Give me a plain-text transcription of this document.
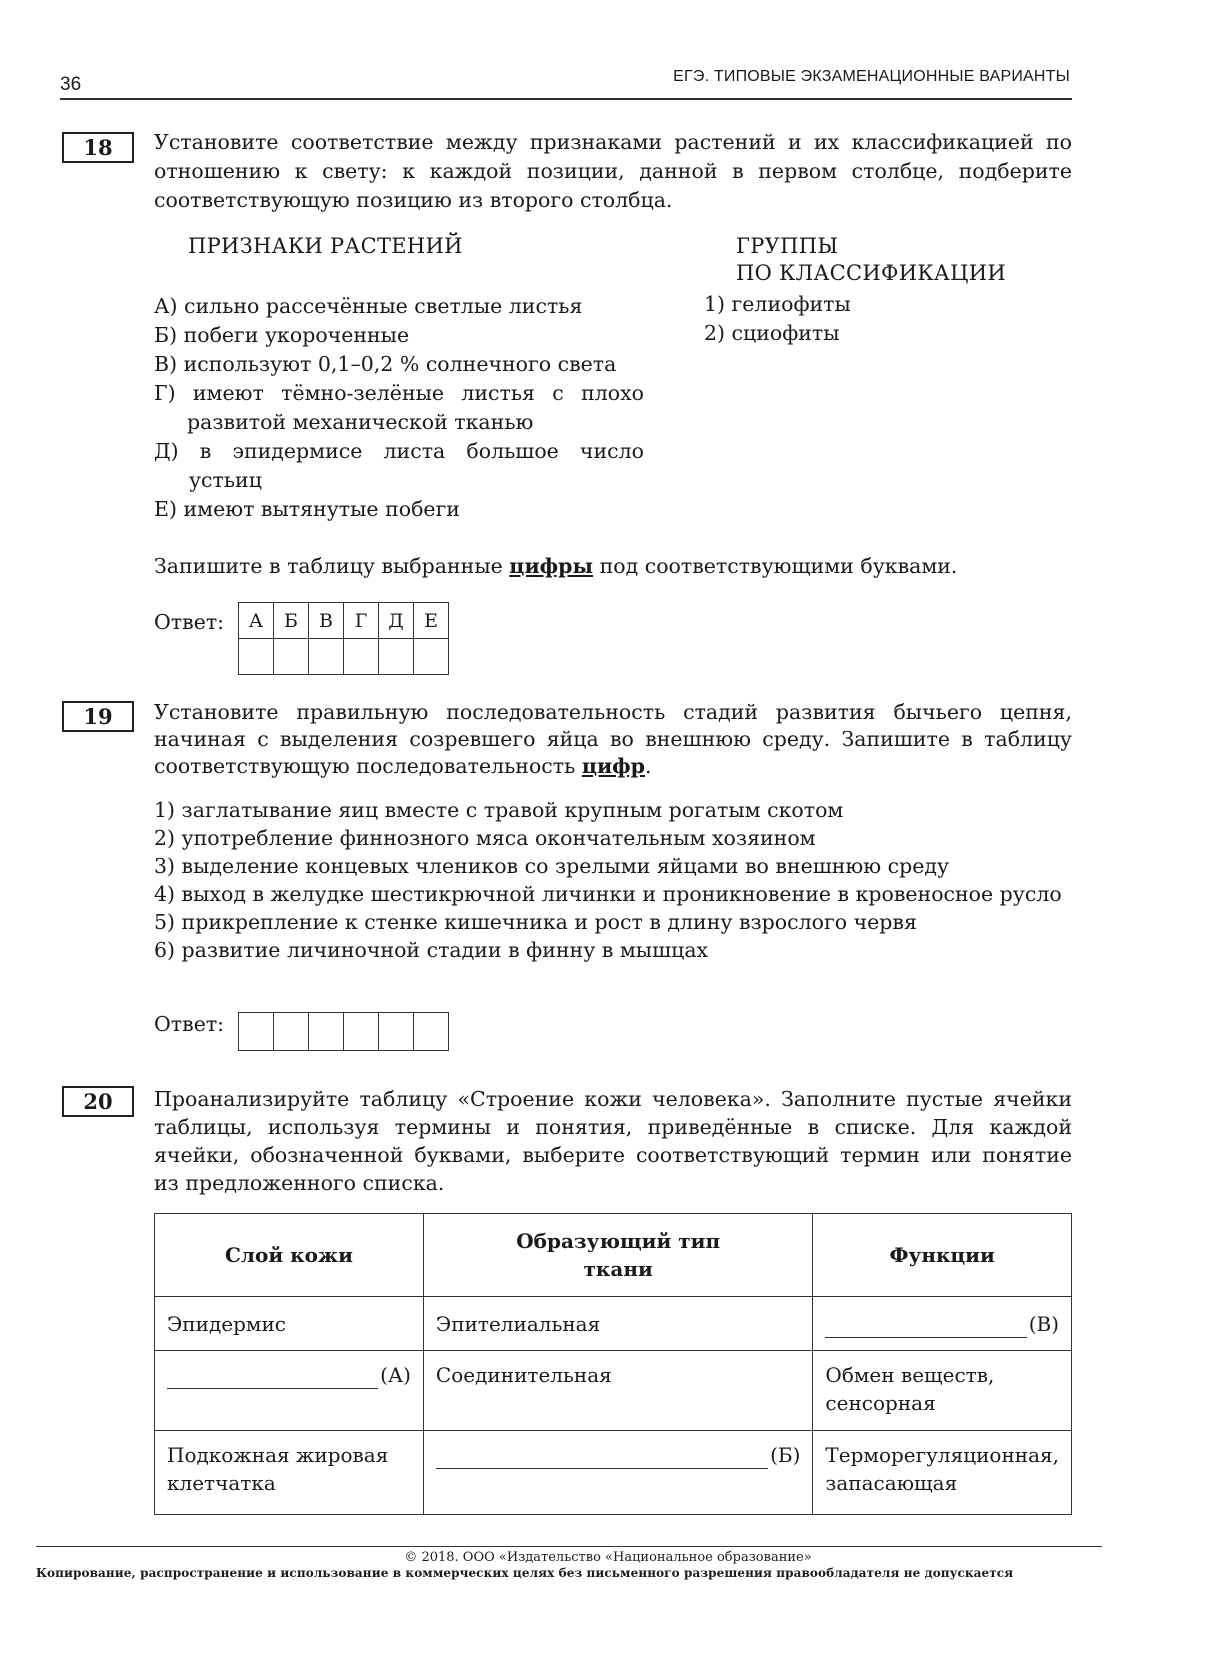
36	ЕГЭ. ТИПОВЫЕ ЭКЗАМЕНАЦИОННЫЕ ВАРИАНТЫ
18	Установите соответствие между признаками растений и их классификацией по отношению к свету: к каждой позиции, данной в первом столбце, подберите соответствующую позицию из второго столбца.
ПРИЗНАКИ РАСТЕНИЙ	ГРУППЫ
ПО КЛАССИФИКАЦИИ
А) сильно рассечённые светлые листья
Б) побеги укороченные
В) используют 0,1–0,2 % солнечного света
Г) имеют тёмно-зелёные листья с плохо развитой механической тканью
Д) в эпидермисе листа большое число устьиц
Е) имеют вытянутые побеги
1) гелиофиты
2) сциофиты
Запишите в таблицу выбранные цифры под соответствующими буквами.
Ответ: А	Б	В	Г	Д	Е

19	Установите правильную последовательность стадий развития бычьего цепня, начиная с выделения созревшего яйца во внешнюю среду. Запишите в таблицу соответствующую последовательность цифр.
1) заглатывание яиц вместе с травой крупным рогатым скотом
2) употребление финнозного мяса окончательным хозяином
3) выделение концевых члеников со зрелыми яйцами во внешнюю среду
4) выход в желудке шестикрючной личинки и проникновение в кровеносное русло
5) прикрепление к стенке кишечника и рост в длину взрослого червя
6) развитие личиночной стадии в финну в мышцах
Ответ:

20	Проанализируйте таблицу «Строение кожи человека». Заполните пустые ячейки таблицы, используя термины и понятия, приведённые в списке. Для каждой ячейки, обозначенной буквами, выберите соответствующий термин или понятие из предложенного списка.
Слой кожи	Образующий тип ткани	Функции
Эпидермис	Эпителиальная	(В)

(А)	Соединительная	Обмен веществ, сенсорная
Подкожная жировая клетчатка	(Б)	Терморегуляционная, запасающая
© 2018. ООО «Издательство «Национальное образование»
Копирование, распространение и использование в коммерческих целях без письменного разрешения правообладателя не допускается
